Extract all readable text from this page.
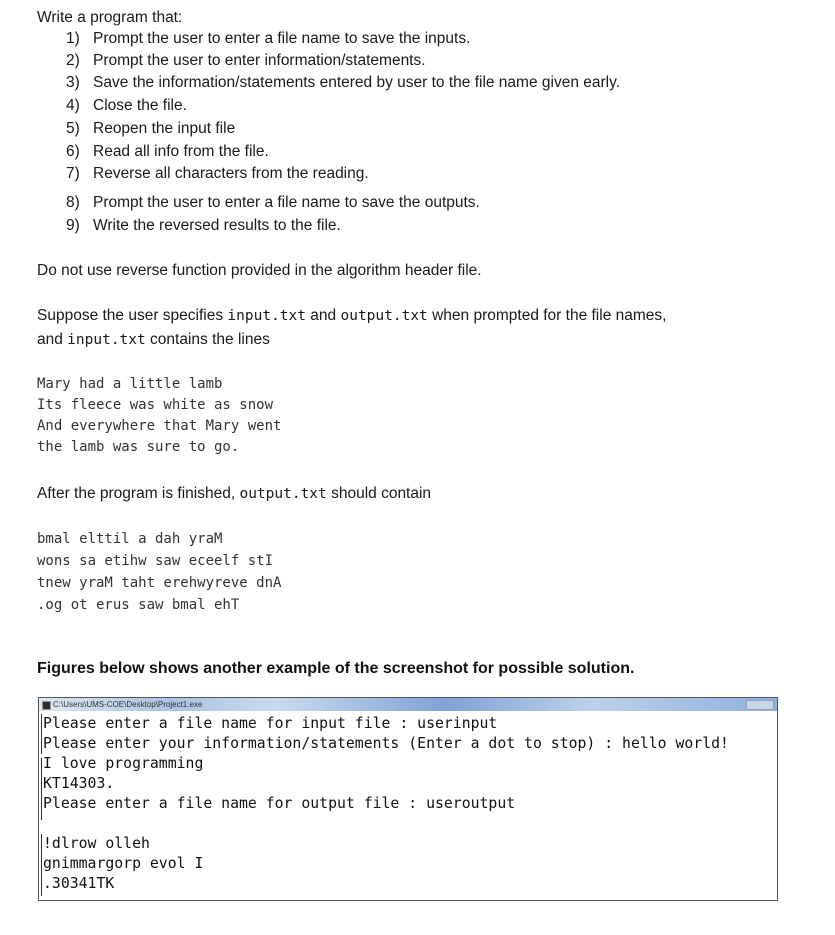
Write a program that:
1) Prompt the user to enter a file name to save the inputs.
2) Prompt the user to enter information/statements.
3) Save the information/statements entered by user to the file name given early.
4) Close the file.
5) Reopen the input file
6) Read all info from the file.
7) Reverse all characters from the reading.
8) Prompt the user to enter a file name to save the outputs.
9) Write the reversed results to the file.
Do not use reverse function provided in the algorithm header file.
Suppose the user specifies input.txt and output.txt when prompted for the file names,
and input.txt contains the lines
Mary had a little lamb
Its fleece was white as snow
And everywhere that Mary went
the lamb was sure to go.
After the program is finished, output.txt should contain
bmal elttil a dah yraM
wons sa etihw saw eceelf stI
tnew yraM taht erehwyreve dnA
.og ot erus saw bmal ehT
Figures below shows another example of the screenshot for possible solution.
C:\Users\UMS-COE\Desktop\Project1.exe
Please enter a file name for input file : userinput
Please enter your information/statements (Enter a dot to stop) : hello world!
I love programming
KT14303.
Please enter a file name for output file : useroutput
!dlrow olleh
gnimmargorp evol I
.30341TK
